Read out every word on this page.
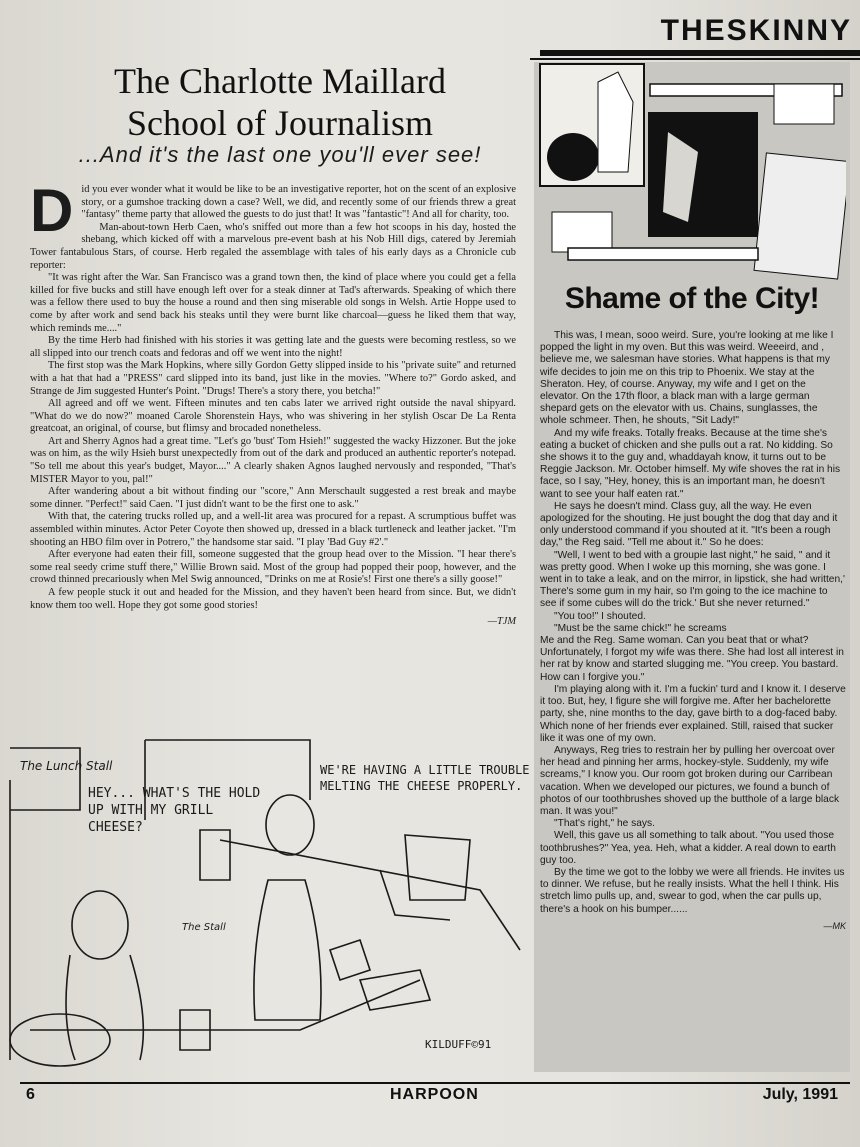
THESKINNY
The Charlotte Maillard
School of Journalism
...And it's the last one you'll ever see!

Did you ever wonder what it would be like to be an investigative reporter, hot on the scent of an explosive story, or a gumshoe tracking down a case? Well, we did, and recently some of our friends threw a great "fantasy" theme party that allowed the guests to do just that! It was "fantastic"! And all for charity, too.

Man-about-town Herb Caen, who's sniffed out more than a few hot scoops in his day, hosted the shebang, which kicked off with a marvelous pre-event bash at his Nob Hill digs, catered by Jeremiah Tower fantabulous Stars, of course. Herb regaled the assemblage with tales of his early days as a Chronicle cub reporter:

"It was right after the War. San Francisco was a grand town then, the kind of place where you could get a fella killed for five bucks and still have enough left over for a steak dinner at Tad's afterwards. Speaking of which there was a fellow there used to buy the house a round and then sing miserable old songs in Welsh. Artie Hoppe used to come by after work and send back his steaks until they were burnt like charcoal—guess he liked them that way, which reminds me...."

By the time Herb had finished with his stories it was getting late and the guests were becoming restless, so we all slipped into our trench coats and fedoras and off we went into the night!

The first stop was the Mark Hopkins, where silly Gordon Getty slipped inside to his "private suite" and returned with a hat that had a "PRESS" card slipped into its band, just like in the movies. "Where to?" Gordo asked, and Strange de Jim suggested Hunter's Point. "Drugs! There's a story there, you betcha!"

All agreed and off we went. Fifteen minutes and ten cabs later we arrived right outside the naval shipyard. "What do we do now?" moaned Carole Shorenstein Hays, who was shivering in her stylish Oscar De La Renta greatcoat, an original, of course, but flimsy and brocaded nonetheless.

Art and Sherry Agnos had a great time. "Let's go 'bust' Tom Hsieh!" suggested the wacky Hizzoner. But the joke was on him, as the wily Hsieh burst unexpectedly from out of the dark and produced an authentic reporter's notepad. "So tell me about this year's budget, Mayor...." A clearly shaken Agnos laughed nervously and responded, "That's MISTER Mayor to you, pal!"

After wandering about a bit without finding our "score," Ann Merschault suggested a rest break and maybe some dinner. "Perfect!" said Caen. "I just didn't want to be the first one to ask."

With that, the catering trucks rolled up, and a well-lit area was procured for a repast. A scrumptious buffet was assembled within minutes. Actor Peter Coyote then showed up, dressed in a black turtleneck and leather jacket. "I'm shooting an HBO film over in Potrero," the handsome star said. "I play 'Bad Guy #2'."

After everyone had eaten their fill, someone suggested that the group head over to the Mission. "I hear there's some real seedy crime stuff there," Willie Brown said. Most of the group had popped their poop, however, and the crowd thinned precariously when Mel Swig announced, "Drinks on me at Rosie's! First one there's a silly goose!"

A few people stuck it out and headed for the Mission, and they haven't been heard from since. But, we didn't know them too well. Hope they got some good stories!

—TJM
The Lunch Stall
HEY... WHAT'S THE HOLD UP WITH MY GRILL CHEESE?
WE'RE HAVING A LITTLE TROUBLE MELTING THE CHEESE PROPERLY.
The Stall
KILDUFF©91
Shame of the City!

This was, I mean, sooo weird. Sure, you're looking at me like I popped the light in my oven. But this was weird. Weeeird, and , believe me, we salesman have stories. What happens is that my wife decides to join me on this trip to Phoenix. We stay at the Sheraton. Hey, of course. Anyway, my wife and I get on the elevator. On the 17th floor, a black man with a large german shepard gets on the elevator with us. Chains, sunglasses, the whole schmeer. Then, he shouts, "Sit Lady!"

And my wife freaks. Totally freaks. Because at the time she's eating a bucket of chicken and she pulls out a rat. No kidding. So she shows it to the guy and, whaddayah know, it turns out to be Reggie Jackson. Mr. October himself. My wife shoves the rat in his face, so I say, "Hey, honey, this is an important man, he doesn't want to see your half eaten rat."

He says he doesn't mind. Class guy, all the way. He even apologized for the shouting. He just bought the dog that day and it only understood command if you shouted at it. "It's been a rough day," the Reg said. "Tell me about it." So he does:

"Well, I went to bed with a groupie last night," he said, " and it was pretty good. When I woke up this morning, she was gone. I went in to take a leak, and on the mirror, in lipstick, she had written,' There's some gum in my hair, so I'm going to the ice machine to see if some cubes will do the trick.' But she never returned."

"You too!" I shouted.

"Must be the same chick!" he screams

Me and the Reg. Same woman. Can you beat that or what? Unfortunately, I forgot my wife was there. She had lost all interest in her rat by know and started slugging me. "You creep. You bastard. How can I forgive you."

I'm playing along with it. I'm a fuckin' turd and I know it. I deserve it too. But, hey, I figure she will forgive me. After her bachelorette party, she, nine months to the day, gave birth to a dog-faced baby. Which none of her friends ever explained. Still, raised that sucker like it was one of my own.

Anyways, Reg tries to restrain her by pulling her overcoat over her head and pinning her arms, hockey-style. Suddenly, my wife screams," I know you. Our room got broken during our Carribean vacation. When we developed our pictures, we found a bunch of photos of our toothbrushes shoved up the butthole of a large black man. It was you!"

"That's right," he says.

Well, this gave us all something to talk about. "You used those toothbrushes?" Yea, yea. Heh, what a kidder. A real down to earth guy too.

By the time we got to the lobby we were all friends. He invites us to dinner. We refuse, but he really insists. What the hell I think. His stretch limo pulls up, and, swear to god, when the car pulls up, there's a hook on his bumper......

—MK
6	HARPOON	July, 1991
